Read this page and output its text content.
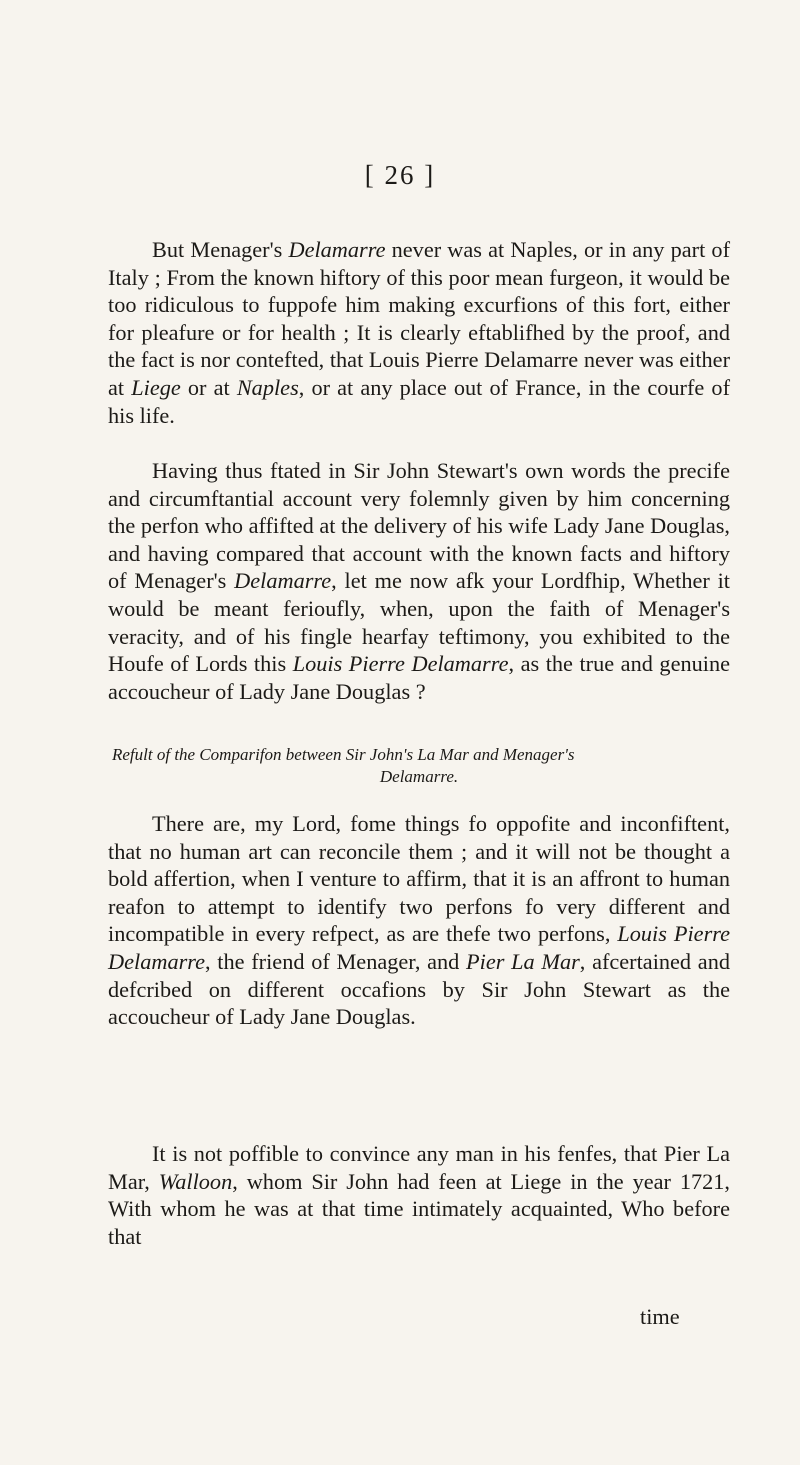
[ 26 ]

But Menager's Delamarre never was at Naples, or in any part of Italy ; From the known hiftory of this poor mean furgeon, it would be too ridiculous to fuppofe him making excurfions of this fort, either for pleafure or for health ; It is clearly eftablifhed by the proof, and the fact is nor contefted, that Louis Pierre Delamarre never was either at Liege or at Naples, or at any place out of France, in the courfe of his life.

Having thus ftated in Sir John Stewart's own words the precife and circumftantial account very folemnly given by him concerning the perfon who affifted at the delivery of his wife Lady Jane Douglas, and having compared that account with the known facts and hiftory of Menager's Delamarre, let me now afk your Lordfhip, Whether it would be meant ferioufly, when, upon the faith of Menager's veracity, and of his fingle hearfay teftimony, you exhibited to the Houfe of Lords this Louis Pierre Delamarre, as the true and genuine accoucheur of Lady Jane Douglas ?

Refult of the Comparifon between Sir John's La Mar and Menager's
Delamarre.

There are, my Lord, fome things fo oppofite and inconfiftent, that no human art can reconcile them ; and it will not be thought a bold affertion, when I venture to affirm, that it is an affront to human reafon to attempt to identify two perfons fo very different and incompatible in every refpect, as are thefe two perfons, Louis Pierre Delamarre, the friend of Menager, and Pier La Mar, afcertained and defcribed on different occafions by Sir John Stewart as the accoucheur of Lady Jane Douglas.

It is not poffible to convince any man in his fenfes, that Pier La Mar, Walloon, whom Sir John had feen at Liege in the year 1721, With whom he was at that time intimately acquainted, Who before that

time
